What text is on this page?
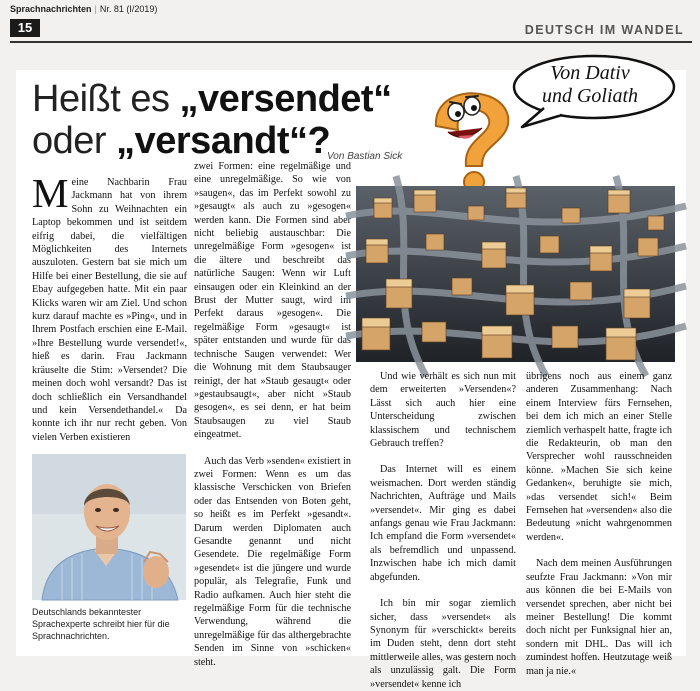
Sprachnachrichten | Nr. 81 (I/2019)
15	DEUTSCH IM WANDEL
Heißt es „versendet“
oder „versandt“?
Von Bastian Sick
Von Dativ
und Goliath

Meine Nachbarin Frau Jackmann hat von ihrem Sohn zu Weihnachten ein Laptop bekommen und ist seitdem eifrig dabei, die vielfältigen Möglichkeiten des Internets auszuloten. Gestern bat sie mich um Hilfe bei einer Bestellung, die sie auf Ebay aufgegeben hatte. Mit ein paar Klicks waren wir am Ziel. Und schon kurz darauf machte es »Ping«, und in Ihrem Postfach erschien eine E-Mail. »Ihre Bestellung wurde versendet!«, hieß es darin. Frau Jackmann kräuselte die Stim: »Versendet? Die meinen doch wohl versandt? Das ist doch schließlich ein Versandhandel und kein Versendethandel.« Da konnte ich ihr nur recht geben. Von vielen Verben existieren

Deutschlands bekanntester Sprachexperte schreibt hier für die Sprachnachrichten.

zwei Formen: eine regelmäßige und eine unregelmäßige. So wie von »saugen«, das im Perfekt sowohl zu »gesaugt« als auch zu »gesogen« werden kann. Die Formen sind aber nicht beliebig austauschbar: Die unregelmäßige Form »gesogen« ist die ältere und beschreibt das natürliche Saugen: Wenn wir Luft einsaugen oder ein Kleinkind an der Brust der Mutter saugt, wird im Perfekt daraus »gesogen«. Die regelmäßige Form »gesaugt« ist später entstanden und wurde für das technische Saugen verwendet: Wer die Wohnung mit dem Staubsauger reinigt, der hat »Staub gesaugt« oder »gestaubsaugt«, aber nicht »Staub gesogen«, es sei denn, er hat beim Staubsaugen zu viel Staub eingeatmet.

Auch das Verb »senden« existiert in zwei Formen: Wenn es um das klassische Verschicken von Briefen oder das Entsenden von Boten geht, so heißt es im Perfekt »gesandt«. Darum werden Diplomaten auch Gesandte genannt und nicht Gesendete. Die regelmäßige Form »gesendet« ist die jüngere und wurde populär, als Telegrafie, Funk und Radio aufkamen. Auch hier steht die regelmäßige Form für die technische Verwendung, während die unregelmäßige für das althergebrachte Senden im Sinne von »schicken« steht.

Und wie verhält es sich nun mit dem erweiterten »Versenden«? Lässt sich auch hier eine Unterscheidung zwischen klassischem und technischem Gebrauch treffen?

Das Internet will es einem weismachen. Dort werden ständig Nachrichten, Aufträge und Mails »versendet«. Mir ging es dabei anfangs genau wie Frau Jackmann: Ich empfand die Form »versendet« als befremdlich und unpassend. Inzwischen habe ich mich damit abgefunden.

Ich bin mir sogar ziemlich sicher, dass »versendet« als Synonym für »verschickt« bereits im Duden steht, denn dort steht mittlerweile alles, was gestern noch als unzulässig galt. Die Form »versendet« kenne ich

übrigens noch aus einem ganz anderen Zusammenhang: Nach einem Interview fürs Fernsehen, bei dem ich mich an einer Stelle ziemlich verhaspelt hatte, fragte ich die Redakteurin, ob man den Versprecher wohl rausschneiden könne. »Machen Sie sich keine Gedanken«, beruhigte sie mich, »das versendet sich!« Beim Fernsehen hat »versenden« also die Bedeutung »nicht wahrgenommen werden«.

Nach dem meinen Ausführungen seufzte Frau Jackmann: »Von mir aus können die bei E-Mails von versendet sprechen, aber nicht bei meiner Bestellung! Die kommt doch nicht per Funksignal hier an, sondern mit DHL. Das will ich zumindest hoffen. Heutzutage weiß man ja nie.«
